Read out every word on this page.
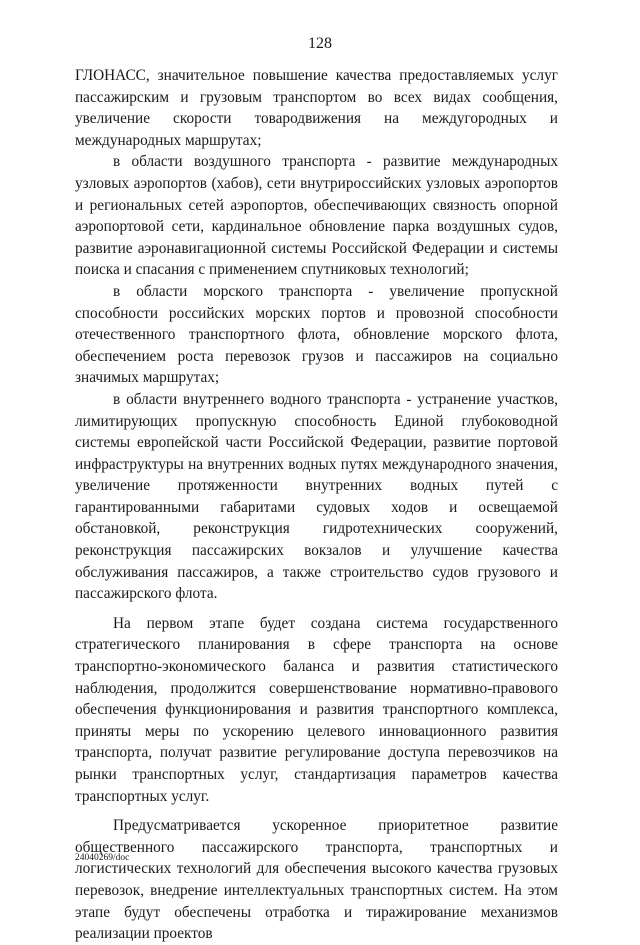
128

ГЛОНАСС, значительное повышение качества предоставляемых услуг пассажирским и грузовым транспортом во всех видах сообщения, увеличение скорости товародвижения на междугородных и международных маршрутах;

в области воздушного транспорта - развитие международных узловых аэропортов (хабов), сети внутрироссийских узловых аэропортов и региональных сетей аэропортов, обеспечивающих связность опорной аэропортовой сети, кардинальное обновление парка воздушных судов, развитие аэронавигационной системы Российской Федерации и системы поиска и спасания с применением спутниковых технологий;

в области морского транспорта - увеличение пропускной способности российских морских портов и провозной способности отечественного транспортного флота, обновление морского флота, обеспечением роста перевозок грузов и пассажиров на социально значимых маршрутах;

в области внутреннего водного транспорта - устранение участков, лимитирующих пропускную способность Единой глубоководной системы европейской части Российской Федерации, развитие портовой инфраструктуры на внутренних водных путях международного значения, увеличение протяженности внутренних водных путей с гарантированными габаритами судовых ходов и освещаемой обстановкой, реконструкция гидротехнических сооружений, реконструкция пассажирских вокзалов и улучшение качества обслуживания пассажиров, а также строительство судов грузового и пассажирского флота.

На первом этапе будет создана система государственного стратегического планирования в сфере транспорта на основе транспортно-экономического баланса и развития статистического наблюдения, продолжится совершенствование нормативно-правового обеспечения функционирования и развития транспортного комплекса, приняты меры по ускорению целевого инновационного развития транспорта, получат развитие регулирование доступа перевозчиков на рынки транспортных услуг, стандартизация параметров качества транспортных услуг.

Предусматривается ускоренное приоритетное развитие общественного пассажирского транспорта, транспортных и логистических технологий для обеспечения высокого качества грузовых перевозок, внедрение интеллектуальных транспортных систем. На этом этапе будут обеспечены отработка и тиражирование механизмов реализации проектов

24040269/doc
